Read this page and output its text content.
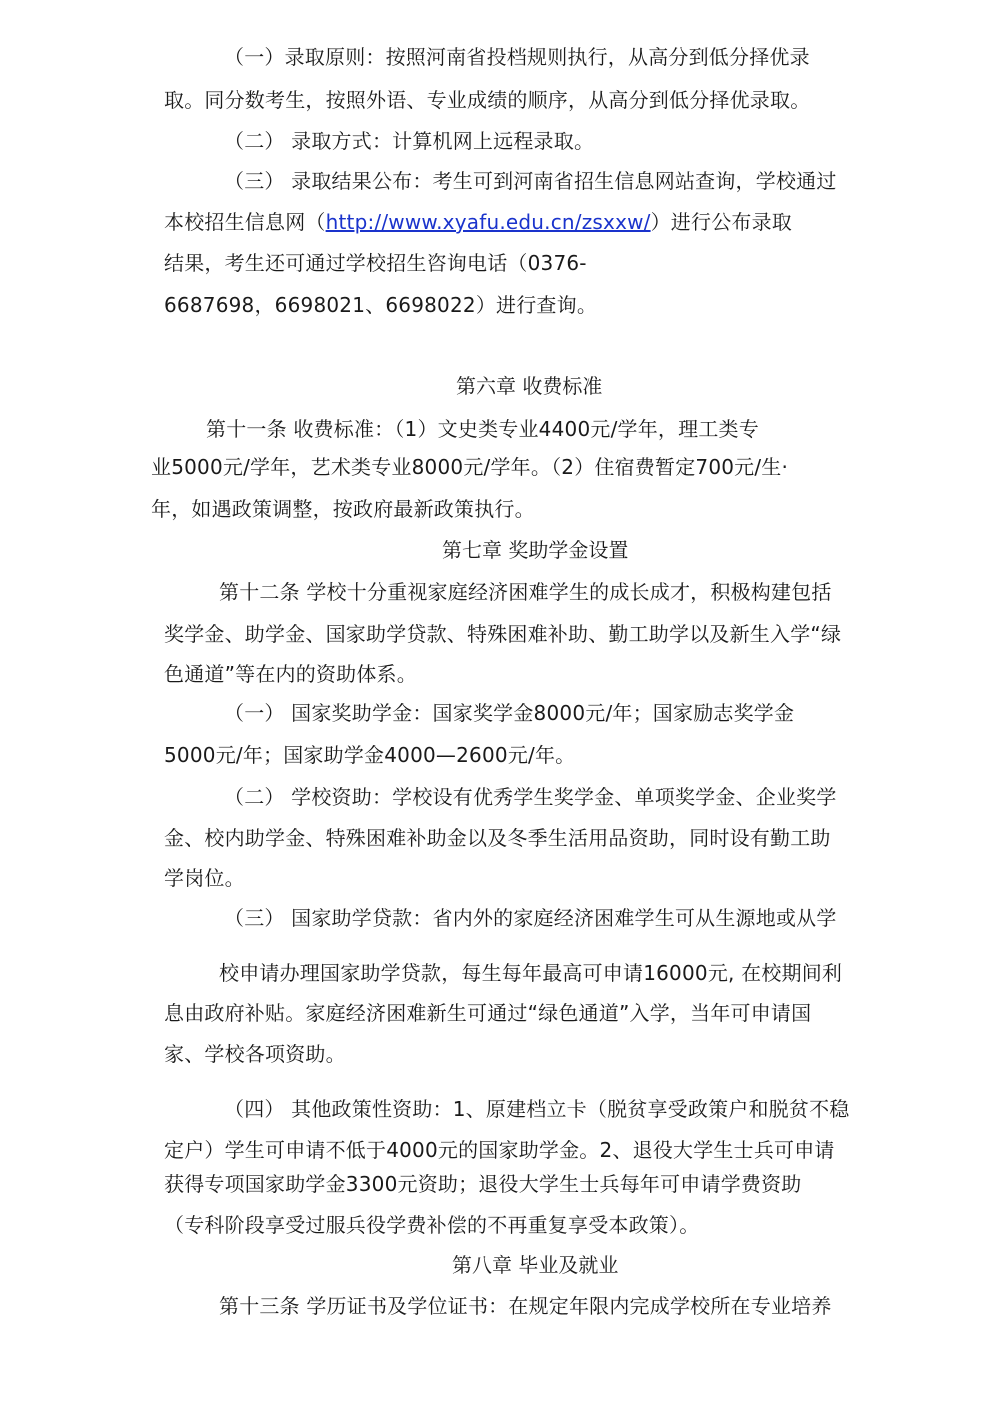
（一）录取原则：按照河南省投档规则执行，从高分到低分择优录
取。同分数考生，按照外语、专业成绩的顺序，从高分到低分择优录取。
（二） 录取方式：计算机网上远程录取。
（三） 录取结果公布：考生可到河南省招生信息网站查询，学校通过
本校招生信息网（http://www.xyafu.edu.cn/zsxxw/）进行公布录取
结果，考生还可通过学校招生咨询电话（0376-
6687698，6698021、6698022）进行查询。
第六章 收费标准
第十一条 收费标准：（1）文史类专业4400元/学年，理工类专
业5000元/学年，艺术类专业8000元/学年。（2）住宿费暂定700元/生·
年，如遇政策调整，按政府最新政策执行。
第七章 奖助学金设置
第十二条 学校十分重视家庭经济困难学生的成长成才，积极构建包括
奖学金、助学金、国家助学贷款、特殊困难补助、勤工助学以及新生入学“绿
色通道”等在内的资助体系。
（一） 国家奖助学金：国家奖学金8000元/年；国家励志奖学金
5000元/年；国家助学金4000—2600元/年。
（二） 学校资助：学校设有优秀学生奖学金、单项奖学金、企业奖学
金、校内助学金、特殊困难补助金以及冬季生活用品资助，同时设有勤工助
学岗位。
（三） 国家助学贷款：省内外的家庭经济困难学生可从生源地或从学
校申请办理国家助学贷款，每生每年最高可申请16000元, 在校期间利
息由政府补贴。家庭经济困难新生可通过“绿色通道”入学，当年可申请国
家、学校各项资助。
（四） 其他政策性资助：1、原建档立卡（脱贫享受政策户和脱贫不稳
定户）学生可申请不低于4000元的国家助学金。2、退役大学生士兵可申请
获得专项国家助学金3300元资助；退役大学生士兵每年可申请学费资助
（专科阶段享受过服兵役学费补偿的不再重复享受本政策）。
第八章 毕业及就业
第十三条 学历证书及学位证书：在规定年限内完成学校所在专业培养
